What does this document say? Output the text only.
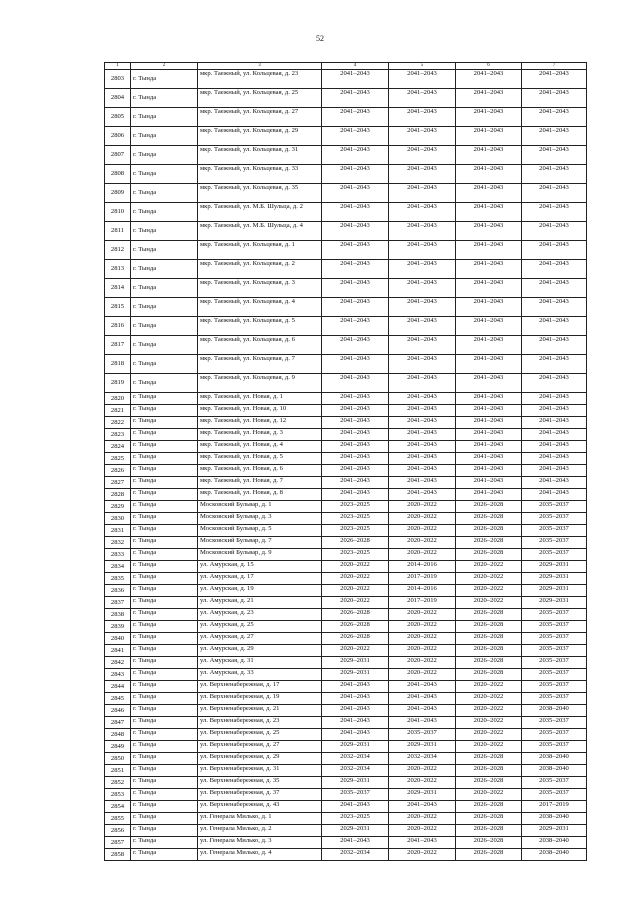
52
1	2	3	4	5	6	7
2803	г. Тында	мкр. Таежный, ул. Кольцевая, д. 23	2041–2043	2041–2043	2041–2043	2041–2043
2804	г. Тында	мкр. Таежный, ул. Кольцевая, д. 25	2041–2043	2041–2043	2041–2043	2041–2043
2805	г. Тында	мкр. Таежный, ул. Кольцевая, д. 27	2041–2043	2041–2043	2041–2043	2041–2043
2806	г. Тында	мкр. Таежный, ул. Кольцевая, д. 29	2041–2043	2041–2043	2041–2043	2041–2043
2807	г. Тында	мкр. Таежный, ул. Кольцевая, д. 31	2041–2043	2041–2043	2041–2043	2041–2043
2808	г. Тында	мкр. Таежный, ул. Кольцевая, д. 33	2041–2043	2041–2043	2041–2043	2041–2043
2809	г. Тында	мкр. Таежный, ул. Кольцевая, д. 35	2041–2043	2041–2043	2041–2043	2041–2043
2810	г. Тында	мкр. Таежный, ул. М.Б. Шульца, д. 2	2041–2043	2041–2043	2041–2043	2041–2043
2811	г. Тында	мкр. Таежный, ул. М.Б. Шульца, д. 4	2041–2043	2041–2043	2041–2043	2041–2043
2812	г. Тында	мкр. Таежный, ул. Кольцевая, д. 1	2041–2043	2041–2043	2041–2043	2041–2043
2813	г. Тында	мкр. Таежный, ул. Кольцевая, д. 2	2041–2043	2041–2043	2041–2043	2041–2043
2814	г. Тында	мкр. Таежный, ул. Кольцевая, д. 3	2041–2043	2041–2043	2041–2043	2041–2043
2815	г. Тында	мкр. Таежный, ул. Кольцевая, д. 4	2041–2043	2041–2043	2041–2043	2041–2043
2816	г. Тында	мкр. Таежный, ул. Кольцевая, д. 5	2041–2043	2041–2043	2041–2043	2041–2043
2817	г. Тында	мкр. Таежный, ул. Кольцевая, д. 6	2041–2043	2041–2043	2041–2043	2041–2043
2818	г. Тында	мкр. Таежный, ул. Кольцевая, д. 7	2041–2043	2041–2043	2041–2043	2041–2043
2819	г. Тында	мкр. Таежный, ул. Кольцевая, д. 9	2041–2043	2041–2043	2041–2043	2041–2043
2820	г. Тында	мкр. Таежный, ул. Новая, д. 1	2041–2043	2041–2043	2041–2043	2041–2043
2821	г. Тында	мкр. Таежный, ул. Новая, д. 10	2041–2043	2041–2043	2041–2043	2041–2043
2822	г. Тында	мкр. Таежный, ул. Новая, д. 12	2041–2043	2041–2043	2041–2043	2041–2043
2823	г. Тында	мкр. Таежный, ул. Новая, д. 3	2041–2043	2041–2043	2041–2043	2041–2043
2824	г. Тында	мкр. Таежный, ул. Новая, д. 4	2041–2043	2041–2043	2041–2043	2041–2043
2825	г. Тында	мкр. Таежный, ул. Новая, д. 5	2041–2043	2041–2043	2041–2043	2041–2043
2826	г. Тында	мкр. Таежный, ул. Новая, д. 6	2041–2043	2041–2043	2041–2043	2041–2043
2827	г. Тында	мкр. Таежный, ул. Новая, д. 7	2041–2043	2041–2043	2041–2043	2041–2043
2828	г. Тында	мкр. Таежный, ул. Новая, д. 8	2041–2043	2041–2043	2041–2043	2041–2043
2829	г. Тында	Московский Бульвар, д. 1	2023–2025	2020–2022	2026–2028	2035–2037
2830	г. Тында	Московский Бульвар, д. 3	2023–2025	2020–2022	2026–2028	2035–2037
2831	г. Тында	Московский Бульвар, д. 5	2023–2025	2020–2022	2026–2028	2035–2037
2832	г. Тында	Московский Бульвар, д. 7	2026–2028	2020–2022	2026–2028	2035–2037
2833	г. Тында	Московский Бульвар, д. 9	2023–2025	2020–2022	2026–2028	2035–2037
2834	г. Тында	ул. Амурская, д. 15	2020–2022	2014–2016	2020–2022	2029–2031
2835	г. Тында	ул. Амурская, д. 17	2020–2022	2017–2019	2020–2022	2029–2031
2836	г. Тында	ул. Амурская, д. 19	2020–2022	2014–2016	2020–2022	2029–2031
2837	г. Тында	ул. Амурская, д. 21	2020–2022	2017–2019	2020–2022	2029–2031
2838	г. Тында	ул. Амурская, д. 23	2026–2028	2020–2022	2026–2028	2035–2037
2839	г. Тында	ул. Амурская, д. 25	2026–2028	2020–2022	2026–2028	2035–2037
2840	г. Тында	ул. Амурская, д. 27	2026–2028	2020–2022	2026–2028	2035–2037
2841	г. Тында	ул. Амурская, д. 29	2020–2022	2020–2022	2026–2028	2035–2037
2842	г. Тында	ул. Амурская, д. 31	2029–2031	2020–2022	2026–2028	2035–2037
2843	г. Тында	ул. Амурская, д. 33	2029–2031	2020–2022	2026–2028	2035–2037
2844	г. Тында	ул. Верхненабережная, д. 17	2041–2043	2041–2043	2020–2022	2035–2037
2845	г. Тында	ул. Верхненабережная, д. 19	2041–2043	2041–2043	2020–2022	2035–2037
2846	г. Тында	ул. Верхненабережная, д. 21	2041–2043	2041–2043	2020–2022	2038–2040
2847	г. Тында	ул. Верхненабережная, д. 23	2041–2043	2041–2043	2020–2022	2035–2037
2848	г. Тында	ул. Верхненабережная, д. 25	2041–2043	2035–2037	2020–2022	2035–2037
2849	г. Тында	ул. Верхненабережная, д. 27	2029–2031	2029–2031	2020–2022	2035–2037
2850	г. Тында	ул. Верхненабережная, д. 29	2032–2034	2032–2034	2026–2028	2038–2040
2851	г. Тында	ул. Верхненабережная, д. 31	2032–2034	2020–2022	2026–2028	2038–2040
2852	г. Тында	ул. Верхненабережная, д. 35	2029–2031	2020–2022	2026–2028	2035–2037
2853	г. Тында	ул. Верхненабережная, д. 37	2035–2037	2029–2031	2020–2022	2035–2037
2854	г. Тында	ул. Верхненабережная, д. 43	2041–2043	2041–2043	2026–2028	2017–2019
2855	г. Тында	ул. Генерала Милько, д. 1	2023–2025	2020–2022	2026–2028	2038–2040
2856	г. Тында	ул. Генерала Милько, д. 2	2029–2031	2020–2022	2026–2028	2029–2031
2857	г. Тында	ул. Генерала Милько, д. 3	2041–2043	2041–2043	2026–2028	2038–2040
2858	г. Тында	ул. Генерала Милько, д. 4	2032–2034	2020–2022	2026–2028	2038–2040
